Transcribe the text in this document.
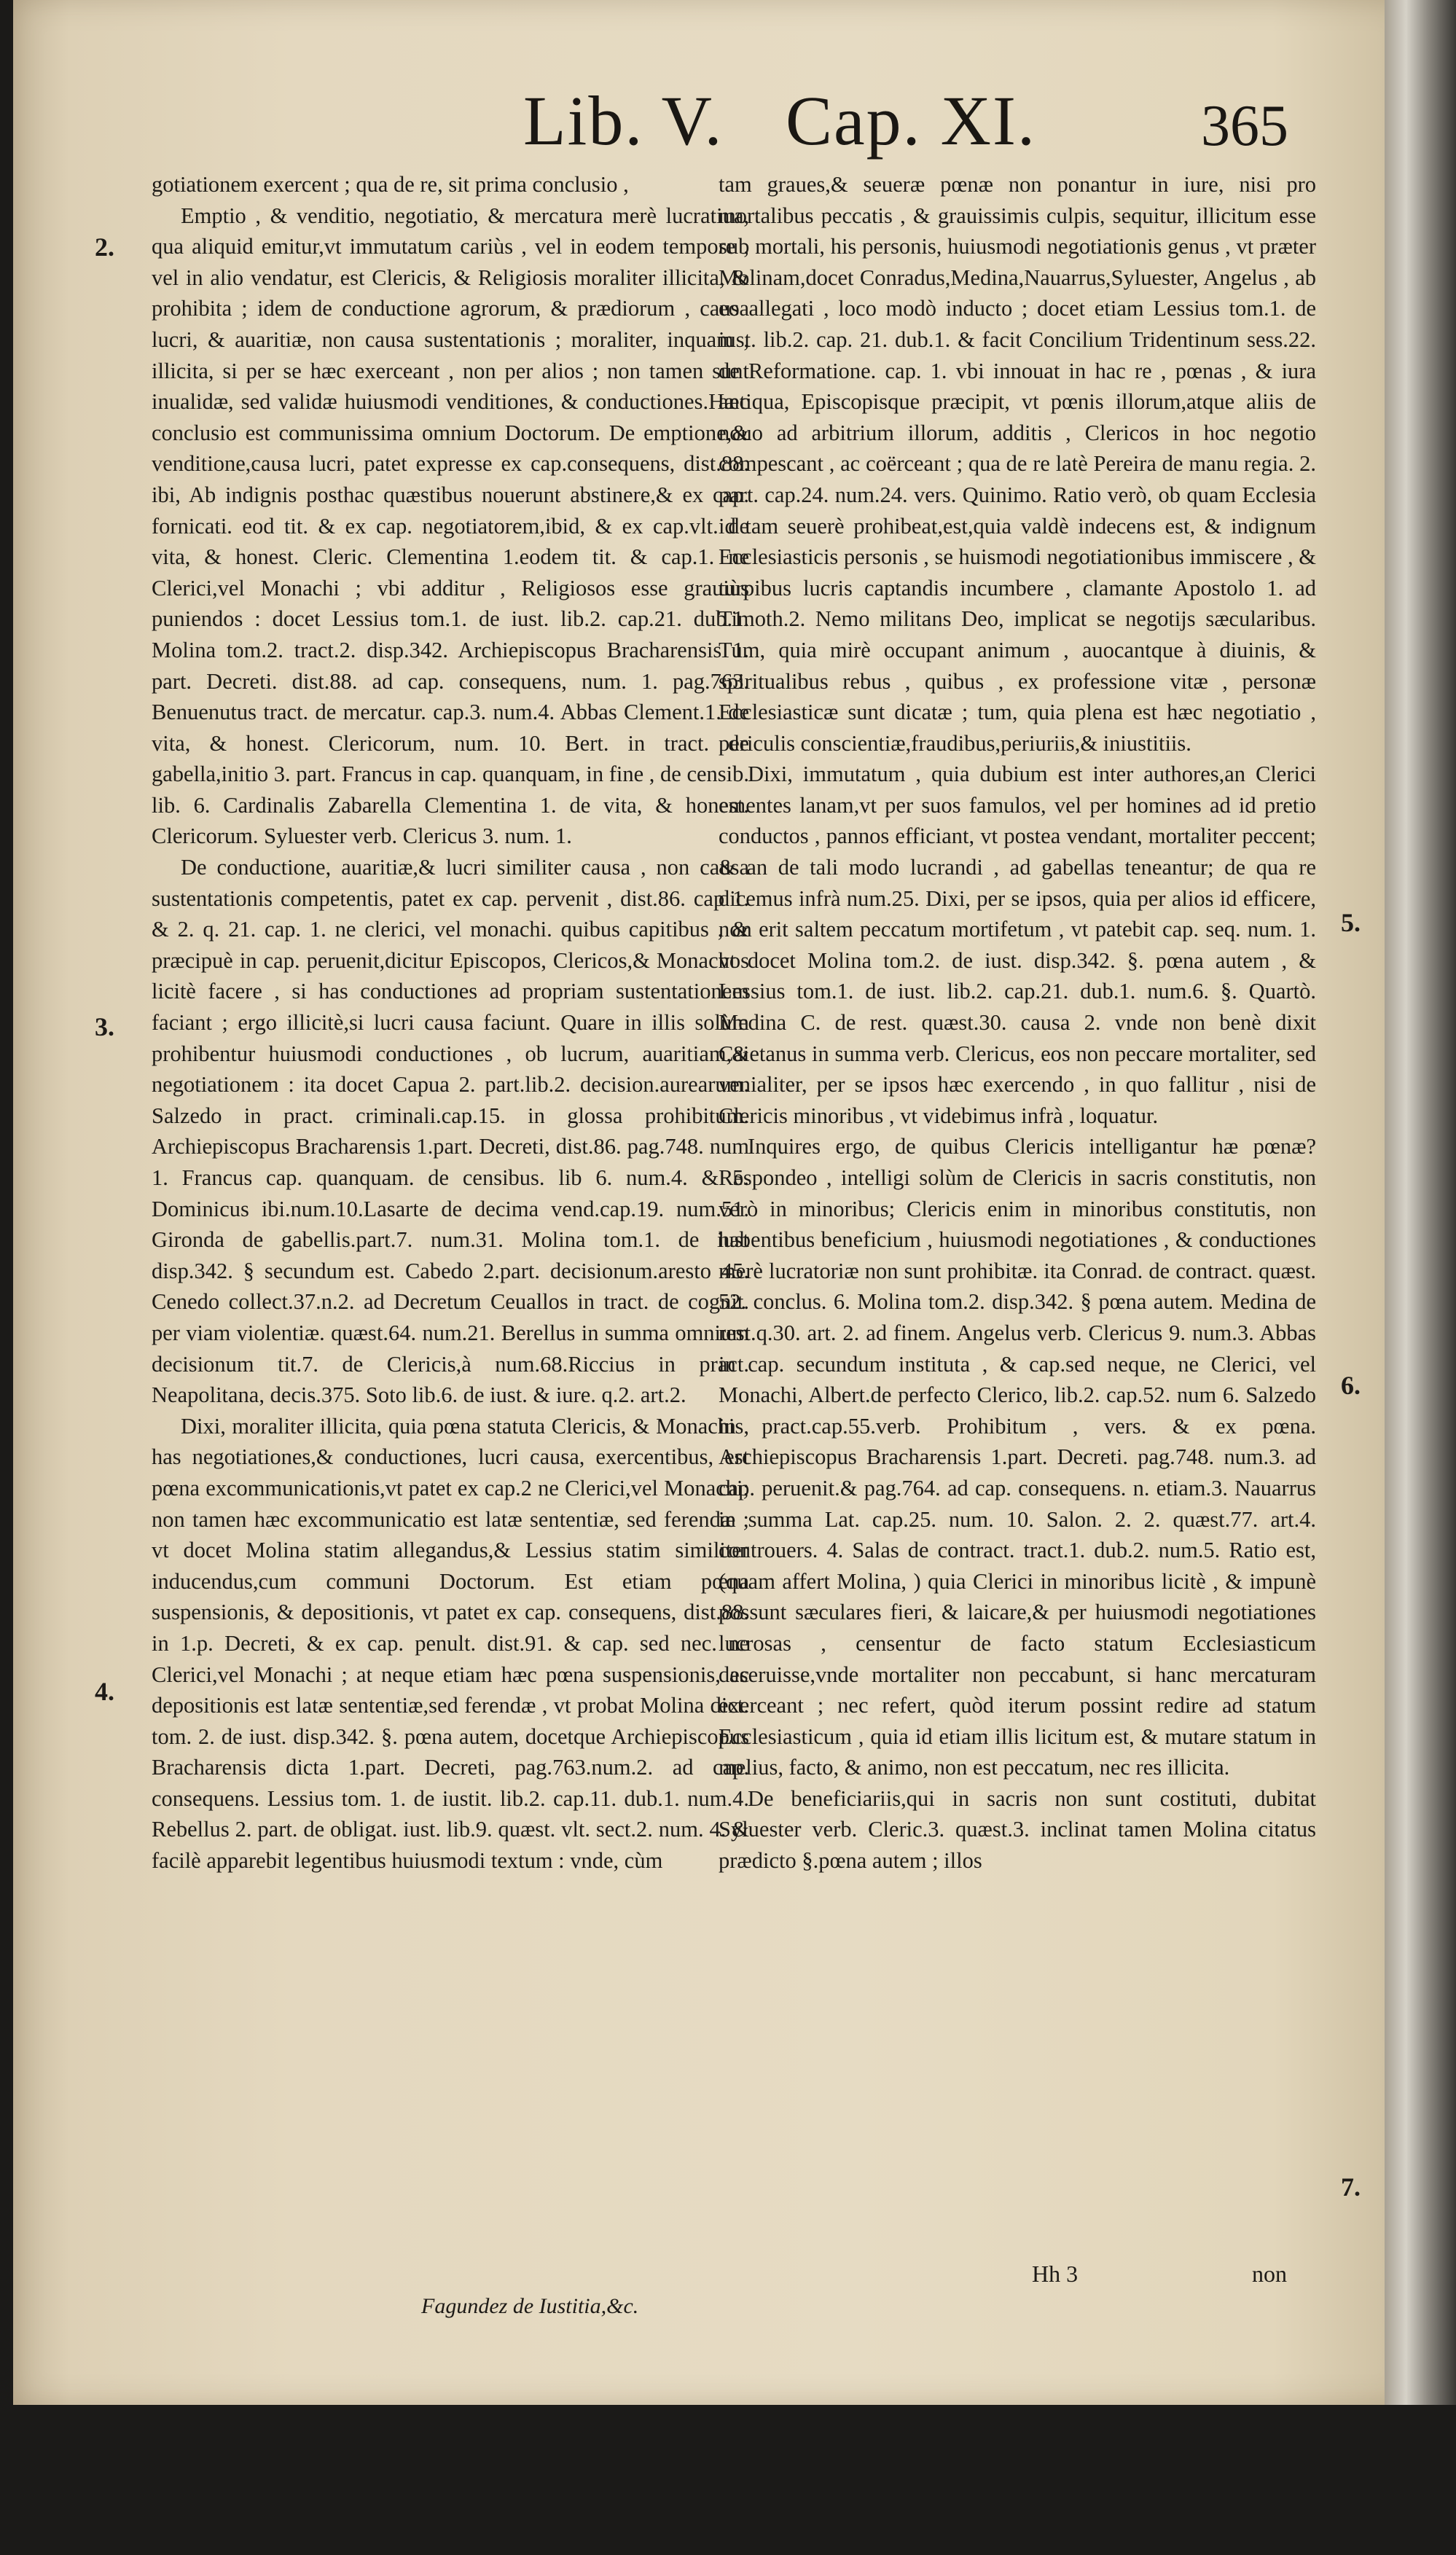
Lib. V. Cap. XI.	365

gotiationem exercent ; qua de re, sit prima conclusio ,

Emptio , & venditio, negotiatio, & mercatura merè lucratiua, qua aliquid emitur,vt immutatum cariùs , vel in eodem tempore , vel in alio vendatur, est Clericis, & Religiosis moraliter illicita, & prohibita ; idem de conductione agrorum, & prædiorum , causa lucri, & auaritiæ, non causa sustentationis ; moraliter, inquam , illicita, si per se hæc exerceant , non per alios ; non tamen sunt inualidæ, sed validæ huiusmodi venditiones, & conductiones.Hæc conclusio est communissima omnium Doctorum. De emptione,& venditione,causa lucri, patet expresse ex cap.consequens, dist.88. ibi, Ab indignis posthac quæstibus nouerunt abstinere,& ex cap. fornicati. eod tit. & ex cap. negotiatorem,ibid, & ex cap.vlt. de vita, & honest. Cleric. Clementina 1.eodem tit. & cap.1. ne Clerici,vel Monachi ; vbi additur , Religiosos esse grauiùs puniendos : docet Lessius tom.1. de iust. lib.2. cap.21. dub.1. Molina tom.2. tract.2. disp.342. Archiepiscopus Bracharensis 1. part. Decreti. dist.88. ad cap. consequens, num. 1. pag.763. Benuenutus tract. de mercatur. cap.3. num.4. Abbas Clement.1. de vita, & honest. Clericorum, num. 10. Bert. in tract. de gabella,initio 3. part. Francus in cap. quanquam, in fine , de censib. lib. 6. Cardinalis Zabarella Clementina 1. de vita, & honest. Clericorum. Syluester verb. Clericus 3. num. 1.

De conductione, auaritiæ,& lucri similiter causa , non causa sustentationis competentis, patet ex cap. pervenit , dist.86. cap 1. & 2. q. 21. cap. 1. ne clerici, vel monachi. quibus capitibus , & præcipuè in cap. peruenit,dicitur Episcopos, Clericos,& Monachos licitè facere , si has conductiones ad propriam sustentationem faciant ; ergo illicitè,si lucri causa faciunt. Quare in illis solùm prohibentur huiusmodi conductiones , ob lucrum, auaritiam,& negotiationem : ita docet Capua 2. part.lib.2. decision.aurearum. Salzedo in pract. criminali.cap.15. in glossa prohibitum. Archiepiscopus Bracharensis 1.part. Decreti, dist.86. pag.748. num 1. Francus cap. quanquam. de censibus. lib 6. num.4. & 5. Dominicus ibi.num.10.Lasarte de decima vend.cap.19. num.51. Gironda de gabellis.part.7. num.31. Molina tom.1. de iust disp.342. § secundum est. Cabedo 2.part. decisionum.aresto 45. Cenedo collect.37.n.2. ad Decretum Ceuallos in tract. de cognit. per viam violentiæ. quæst.64. num.21. Berellus in summa omnium decisionum tit.7. de Clericis,à num.68.Riccius in pract. Neapolitana, decis.375. Soto lib.6. de iust. & iure. q.2. art.2.

Dixi, moraliter illicita, quia pœna statuta Clericis, & Monachis, has negotiationes,& conductiones, lucri causa, exercentibus, est pœna excommunicationis,vt patet ex cap.2 ne Clerici,vel Monachi; non tamen hæc excommunicatio est latæ sententiæ, sed ferendæ ; vt docet Molina statim allegandus,& Lessius statim similiter inducendus,cum communi Doctorum. Est etiam pœna suspensionis, & depositionis, vt patet ex cap. consequens, dist.88. in 1.p. Decreti, & ex cap. penult. dist.91. & cap. sed nec. ne Clerici,vel Monachi ; at neque etiam hæc pœna suspensionis, ac depositionis est latæ sententiæ,sed ferendæ , vt probat Molina dict. tom. 2. de iust. disp.342. §. pœna autem, docetque Archiepiscopus Bracharensis dicta 1.part. Decreti, pag.763.num.2. ad cap. consequens. Lessius tom. 1. de iustit. lib.2. cap.11. dub.1. num.4. Rebellus 2. part. de obligat. iust. lib.9. quæst. vlt. sect.2. num. 4. & facilè apparebit legentibus huiusmodi textum : vnde, cùm

tam graues,& seueræ pœnæ non ponantur in iure, nisi pro mortalibus peccatis , & grauissimis culpis, sequitur, illicitum esse sub mortali, his personis, huiusmodi negotiationis genus , vt præter Molinam,docet Conradus,Medina,Nauarrus,Syluester, Angelus , ab eo allegati , loco modò inducto ; docet etiam Lessius tom.1. de iust. lib.2. cap. 21. dub.1. & facit Concilium Tridentinum sess.22. de Reformatione. cap. 1. vbi innouat in hac re , pœnas , & iura antiqua, Episcopisque præcipit, vt pœnis illorum,atque aliis de nouo ad arbitrium illorum, additis , Clericos in hoc negotio compescant , ac coërceant ; qua de re latè Pereira de manu regia. 2. part. cap.24. num.24. vers. Quinimo. Ratio verò, ob quam Ecclesia id tam seuerè prohibeat,est,quia valdè indecens est, & indignum Ecclesiasticis personis , se huismodi negotiationibus immiscere , & turpibus lucris captandis incumbere , clamante Apostolo 1. ad Timoth.2. Nemo militans Deo, implicat se negotijs sæcularibus. Tum, quia mirè occupant animum , auocantque à diuinis, & spiritualibus rebus , quibus , ex professione vitæ , personæ Ecclesiasticæ sunt dicatæ ; tum, quia plena est hæc negotiatio , periculis conscientiæ,fraudibus,periuriis,& iniustitiis.

Dixi, immutatum , quia dubium est inter authores,an Clerici ementes lanam,vt per suos famulos, vel per homines ad id pretio conductos , pannos efficiant, vt postea vendant, mortaliter peccent; & an de tali modo lucrandi , ad gabellas teneantur; de qua re dicemus infrà num.25. Dixi, per se ipsos, quia per alios id efficere, non erit saltem peccatum mortifetum , vt patebit cap. seq. num. 1. vt docet Molina tom.2. de iust. disp.342. §. pœna autem , & Lessius tom.1. de iust. lib.2. cap.21. dub.1. num.6. §. Quartò. Medina C. de rest. quæst.30. causa 2. vnde non benè dixit Caietanus in summa verb. Clericus, eos non peccare mortaliter, sed venialiter, per se ipsos hæc exercendo , in quo fallitur , nisi de Clericis minoribus , vt videbimus infrà , loquatur.

Inquires ergo, de quibus Clericis intelligantur hæ pœnæ? Respondeo , intelligi solùm de Clericis in sacris constitutis, non verò in minoribus; Clericis enim in minoribus constitutis, non habentibus beneficium , huiusmodi negotiationes , & conductiones merè lucratoriæ non sunt prohibitæ. ita Conrad. de contract. quæst. 52. conclus. 6. Molina tom.2. disp.342. § pœna autem. Medina de rest.q.30. art. 2. ad finem. Angelus verb. Clericus 9. num.3. Abbas in cap. secundum instituta , & cap.sed neque, ne Clerici, vel Monachi, Albert.de perfecto Clerico, lib.2. cap.52. num 6. Salzedo in pract.cap.55.verb. Prohibitum , vers. & ex pœna. Archiepiscopus Bracharensis 1.part. Decreti. pag.748. num.3. ad cap. peruenit.& pag.764. ad cap. consequens. n. etiam.3. Nauarrus in summa Lat. cap.25. num. 10. Salon. 2. 2. quæst.77. art.4. controuers. 4. Salas de contract. tract.1. dub.2. num.5. Ratio est, (quam affert Molina, ) quia Clerici in minoribus licitè , & impunè possunt sæculares fieri, & laicare,& per huiusmodi negotiationes lucrosas , censentur de facto statum Ecclesiasticum deseruisse,vnde mortaliter non peccabunt, si hanc mercaturam exerceant ; nec refert, quòd iterum possint redire ad statum Ecclesiasticum , quia id etiam illis licitum est, & mutare statum in melius, facto, & animo, non est peccatum, nec res illicita.

De beneficiariis,qui in sacris non sunt costituti, dubitat Syluester verb. Cleric.3. quæst.3. inclinat tamen Molina citatus prædicto §.pœna autem ; illos

2.
3.
4.
5.
6.
7.
Fagundez de Iustitia,&c.
Hh 3	non
